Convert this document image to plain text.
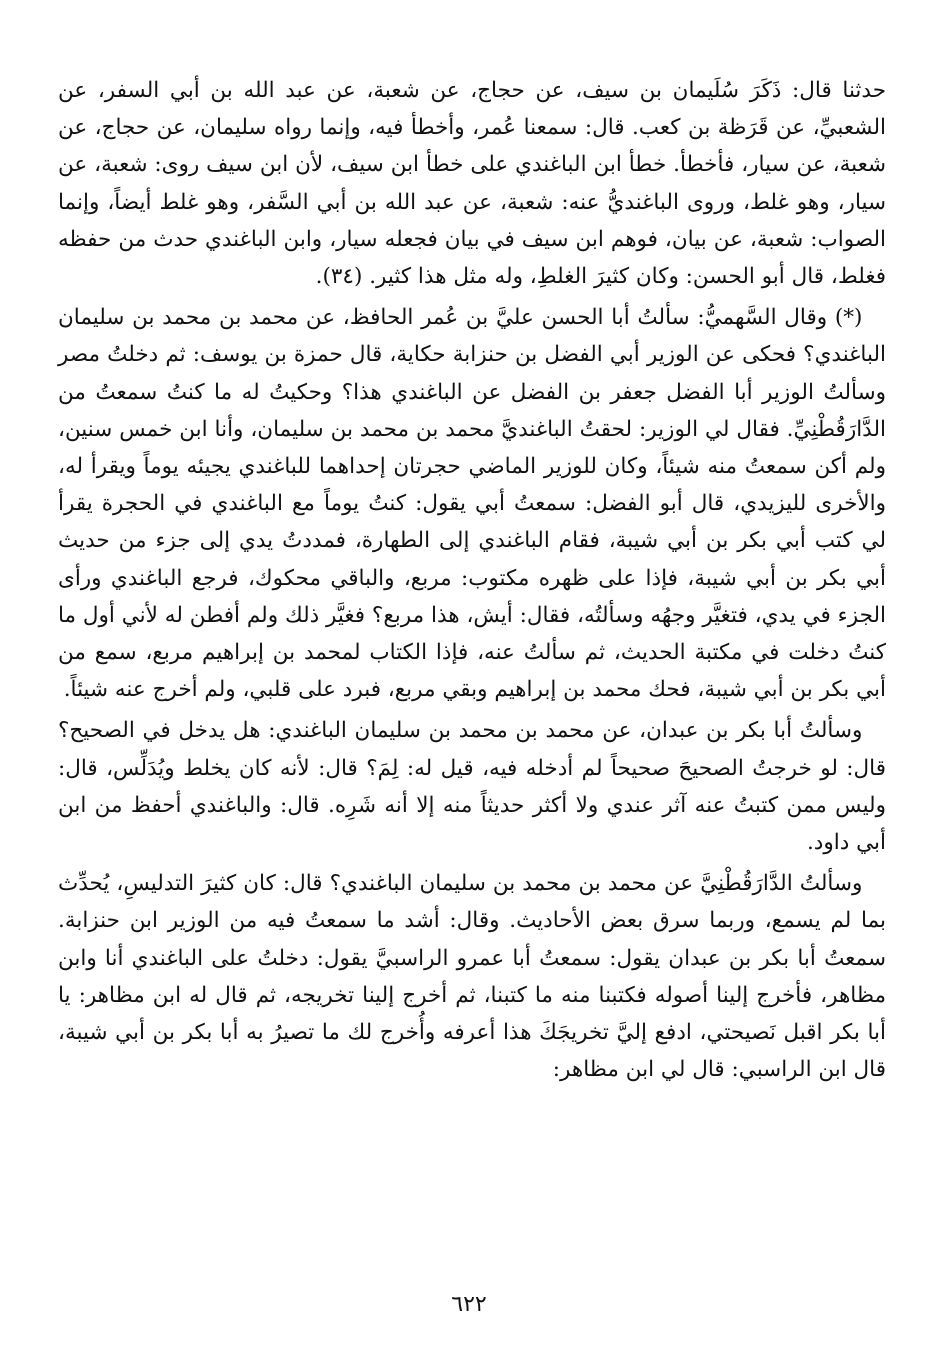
حدثنا قال: ذَكَرَ سُلَيمان بن سيف، عن حجاج، عن شعبة، عن عبد الله بن أبي السفر، عن الشعبيِّ، عن قَرَظة بن كعب. قال: سمعنا عُمر، وأخطأ فيه، وإنما رواه سليمان، عن حجاج، عن شعبة، عن سيار، فأخطأ. خطأ ابن الباغندي على خطأ ابن سيف، لأن ابن سيف روى: شعبة، عن سيار، وهو غلط، وروى الباغنديُّ عنه: شعبة، عن عبد الله بن أبي السَّفر، وهو غلط أيضاً، وإنما الصواب: شعبة، عن بيان، فوهم ابن سيف في بيان فجعله سيار، وابن الباغندي حدث من حفظه فغلط، قال أبو الحسن: وكان كثيرَ الغلطِ، وله مثل هذا كثير. (٣٤).

(*) وقال السَّهميُّ: سألتُ أبا الحسن عليَّ بن عُمر الحافظ، عن محمد بن محمد بن سليمان الباغندي؟ فحكى عن الوزير أبي الفضل بن حنزابة حكاية، قال حمزة بن يوسف: ثم دخلتُ مصر وسألتُ الوزير أبا الفضل جعفر بن الفضل عن الباغندي هذا؟ وحكيتُ له ما كنتُ سمعتُ من الدَّارَقُطْنِيِّ. فقال لي الوزير: لحقتُ الباغنديَّ محمد بن محمد بن سليمان، وأنا ابن خمس سنين، ولم أكن سمعتُ منه شيئاً، وكان للوزير الماضي حجرتان إحداهما للباغندي يجيئه يوماً ويقرأ له، والأخرى لليزيدي، قال أبو الفضل: سمعتُ أبي يقول: كنتُ يوماً مع الباغندي في الحجرة يقرأ لي كتب أبي بكر بن أبي شيبة، فقام الباغندي إلى الطهارة، فمددتُ يدي إلى جزء من حديث أبي بكر بن أبي شيبة، فإذا على ظهره مكتوب: مربع، والباقي محكوك، فرجع الباغندي ورأى الجزء في يدي، فتغيَّر وجهُه وسألتُه، فقال: أيش، هذا مربع؟ فغيَّر ذلك ولم أفطن له لأني أول ما كنتُ دخلت في مكتبة الحديث، ثم سألتُ عنه، فإذا الكتاب لمحمد بن إبراهيم مربع، سمع من أبي بكر بن أبي شيبة، فحك محمد بن إبراهيم وبقي مربع، فبرد على قلبي، ولم أخرج عنه شيئاً.

وسألتُ أبا بكر بن عبدان، عن محمد بن محمد بن سليمان الباغندي: هل يدخل في الصحيح؟ قال: لو خرجتُ الصحيحَ صحيحاً لم أدخله فيه، قيل له: لِمَ؟ قال: لأنه كان يخلط ويُدَلِّس، قال: وليس ممن كتبتُ عنه آثر عندي ولا أكثر حديثاً منه إلا أنه شَرِه. قال: والباغندي أحفظ من ابن أبي داود.

وسألتُ الدَّارَقُطْنِيَّ عن محمد بن محمد بن سليمان الباغندي؟ قال: كان كثيرَ التدليسِ، يُحدِّث بما لم يسمع، وربما سرق بعض الأحاديث. وقال: أشد ما سمعتُ فيه من الوزير ابن حنزابة. سمعتُ أبا بكر بن عبدان يقول: سمعتُ أبا عمرو الراسبيَّ يقول: دخلتُ على الباغندي أنا وابن مظاهر، فأخرج إلينا أصوله فكتبنا منه ما كتبنا، ثم أخرج إلينا تخريجه، ثم قال له ابن مظاهر: يا أبا بكر اقبل نَصيحتي، ادفع إليَّ تخريجَكَ هذا أعرفه وأُخرج لك ما تصيرُ به أبا بكر بن أبي شيبة، قال ابن الراسبي: قال لي ابن مظاهر:

٦٢٢
